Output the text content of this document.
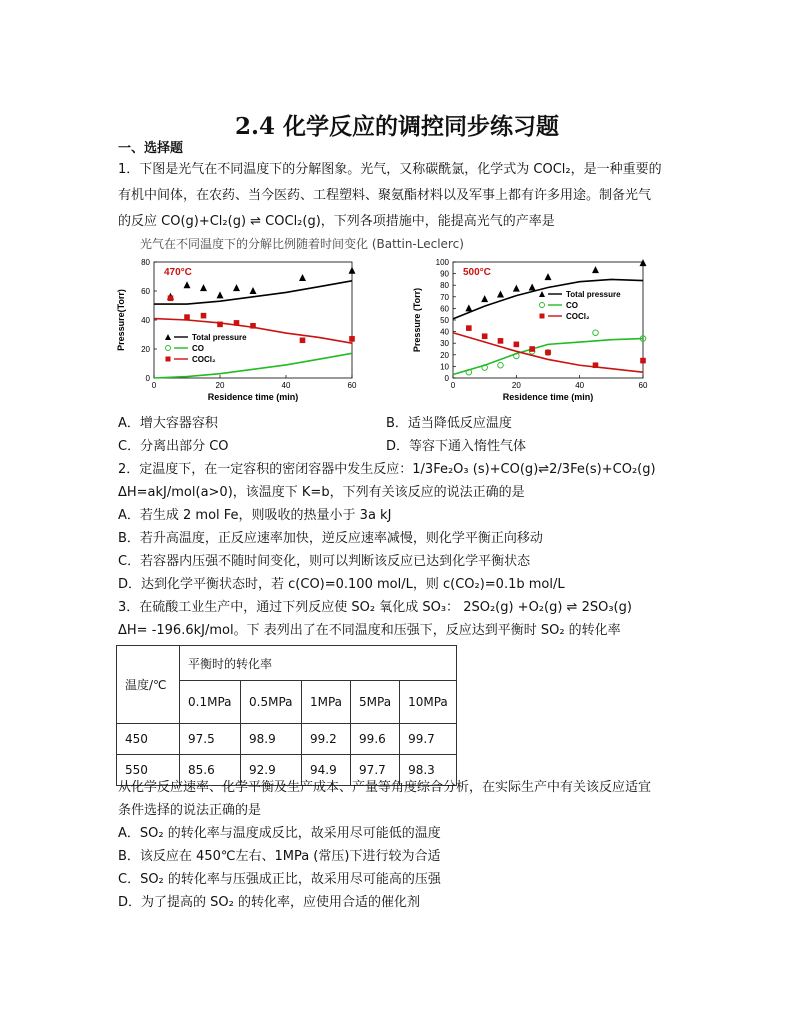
2.4 化学反应的调控同步练习题
一、选择题
1．下图是光气在不同温度下的分解图象。光气，又称碳酰氯，化学式为 COCl₂，是一种重要的
有机中间体，在农药、当今医药、工程塑料、聚氨酯材料以及军事上都有许多用途。制备光气
的反应 CO(g)+Cl₂(g) ⇌ COCl₂(g)，下列各项措施中，能提高光气的产率是
光气在不同温度下的分解比例随着时间变化 (Battin-Leclerc)
0
20
40
60
80
0	20	40	60
Residence time (min)
Pressure(Torr)
470°C
Total pressure
CO
COCl₂
0
10
20
30
40
50
60
70
80
90
100
0	20	40	60
Residence time (min)
Pressure (Torr)
500°C
Total pressure
CO
COCl₂
A．增大容器容积	B．适当降低反应温度
C．分离出部分 CO	D．等容下通入惰性气体
2．定温度下，在一定容积的密闭容器中发生反应：1/3Fe₂O₃ (s)+CO(g)⇌2/3Fe(s)+CO₂(g)
ΔH=akJ/mol(a>0)，该温度下 K=b，下列有关该反应的说法正确的是
A．若生成 2 mol Fe，则吸收的热量小于 3a kJ
B．若升高温度，正反应速率加快，逆反应速率减慢，则化学平衡正向移动
C．若容器内压强不随时间变化，则可以判断该反应已达到化学平衡状态
D．达到化学平衡状态时，若 c(CO)=0.100 mol/L，则 c(CO₂)=0.1b mol/L
3．在硫酸工业生产中，通过下列反应使 SO₂ 氧化成 SO₃： 2SO₂(g) +O₂(g) ⇌ 2SO₃(g)
ΔH= -196.6kJ/mol。下 表列出了在不同温度和压强下，反应达到平衡时 SO₂ 的转化率
温度/℃	平衡时的转化率				
	0.1MPa	0.5MPa	1MPa	5MPa	10MPa
450	97.5	98.9	99.2	99.6	99.7
550	85.6	92.9	94.9	97.7	98.3
从化学反应速率、化学平衡及生产成本、产量等角度综合分析，在实际生产中有关该反应适宜
条件选择的说法正确的是
A．SO₂ 的转化率与温度成反比，故采用尽可能低的温度
B．该反应在 450℃左右、1MPa (常压)下进行较为合适
C．SO₂ 的转化率与压强成正比，故采用尽可能高的压强
D．为了提高的 SO₂ 的转化率，应使用合适的催化剂
